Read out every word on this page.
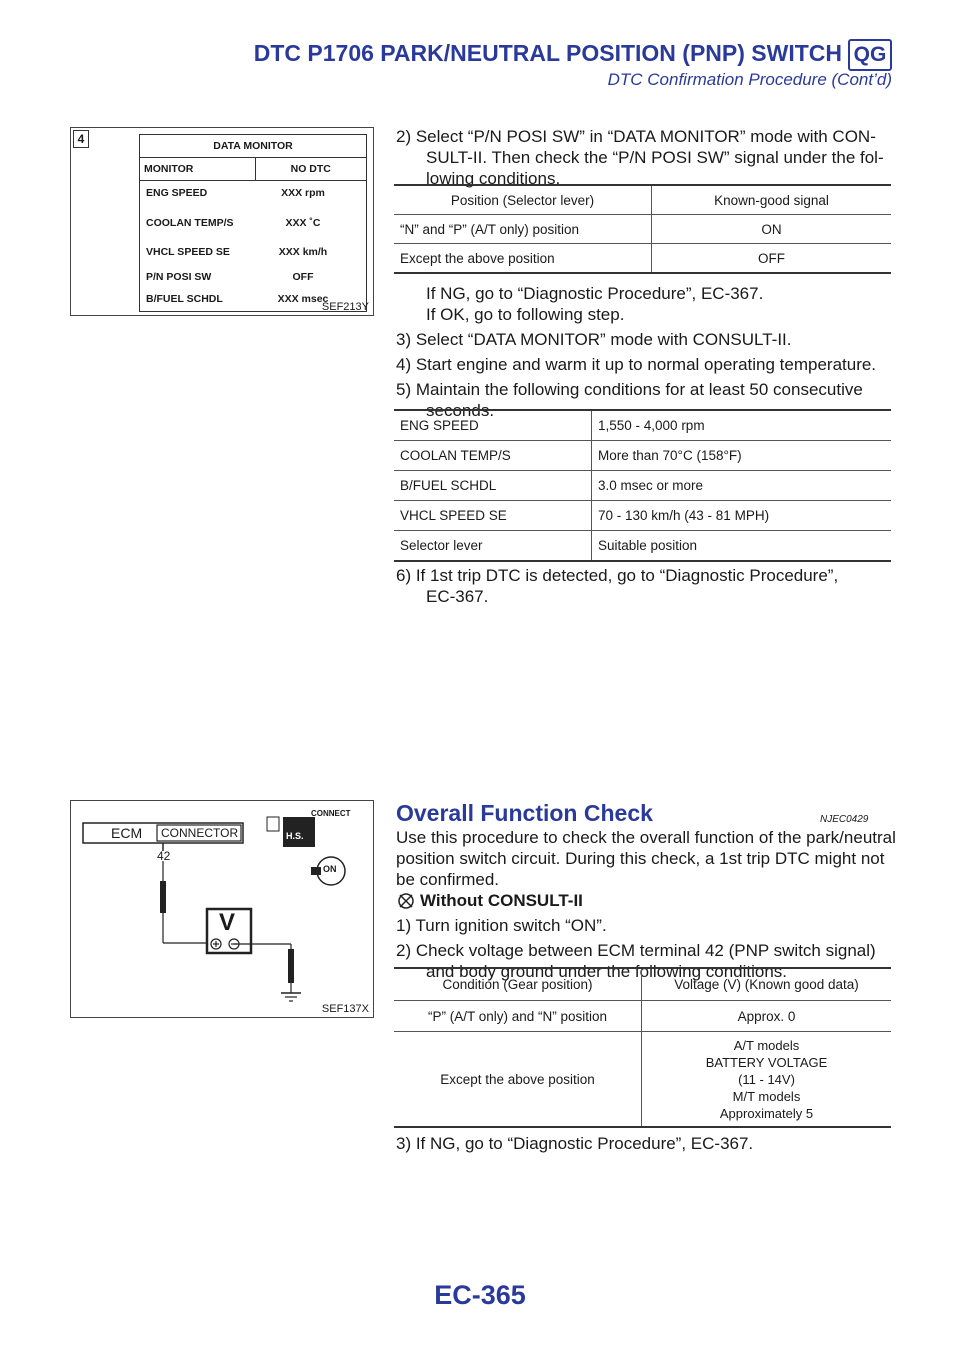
DTC P1706 PARK/NEUTRAL POSITION (PNP) SWITCH QG
DTC Confirmation Procedure (Cont’d)
4	DATA MONITOR
MONITOR	NO DTC
ENG SPEED	XXX rpm
COOLAN TEMP/S	XXX ˚C
VHCL SPEED SE	XXX km/h
P/N POSI SW	OFF
B/FUEL SCHDL	XXX msec
SEF213Y
2) Select “P/N POSI SW” in “DATA MONITOR” mode with CON-
SULT-II. Then check the “P/N POSI SW” signal under the fol-
lowing conditions.
Position (Selector lever)	Known-good signal
“N” and “P” (A/T only) position	ON
Except the above position	OFF
If NG, go to “Diagnostic Procedure”, EC-367.
If OK, go to following step.
3) Select “DATA MONITOR” mode with CONSULT-II.
4) Start engine and warm it up to normal operating temperature.
5) Maintain the following conditions for at least 50 consecutive
seconds.
ENG SPEED	1,550 - 4,000 rpm
COOLAN TEMP/S	More than 70°C (158°F)
B/FUEL SCHDL	3.0 msec or more
VHCL SPEED SE	70 - 130 km/h (43 - 81 MPH)
Selector lever	Suitable position
6) If 1st trip DTC is detected, go to “Diagnostic Procedure”,
EC-367.
Overall Function Check	NJEC0429
Use this procedure to check the overall function of the park/neutral
position switch circuit. During this check, a 1st trip DTC might not
be confirmed.
Without CONSULT-II
1) Turn ignition switch “ON”.
2) Check voltage between ECM terminal 42 (PNP switch signal)
and body ground under the following conditions.
ECM CONNECTOR
42
V
CONNECT
H.S.
ON
SEF137X
Condition (Gear position)	Voltage (V) (Known good data)
“P” (A/T only) and “N” position	Approx. 0
Except the above position	A/T models
BATTERY VOLTAGE
(11 - 14V)
M/T models
Approximately 5
3) If NG, go to “Diagnostic Procedure”, EC-367.
EC-365
